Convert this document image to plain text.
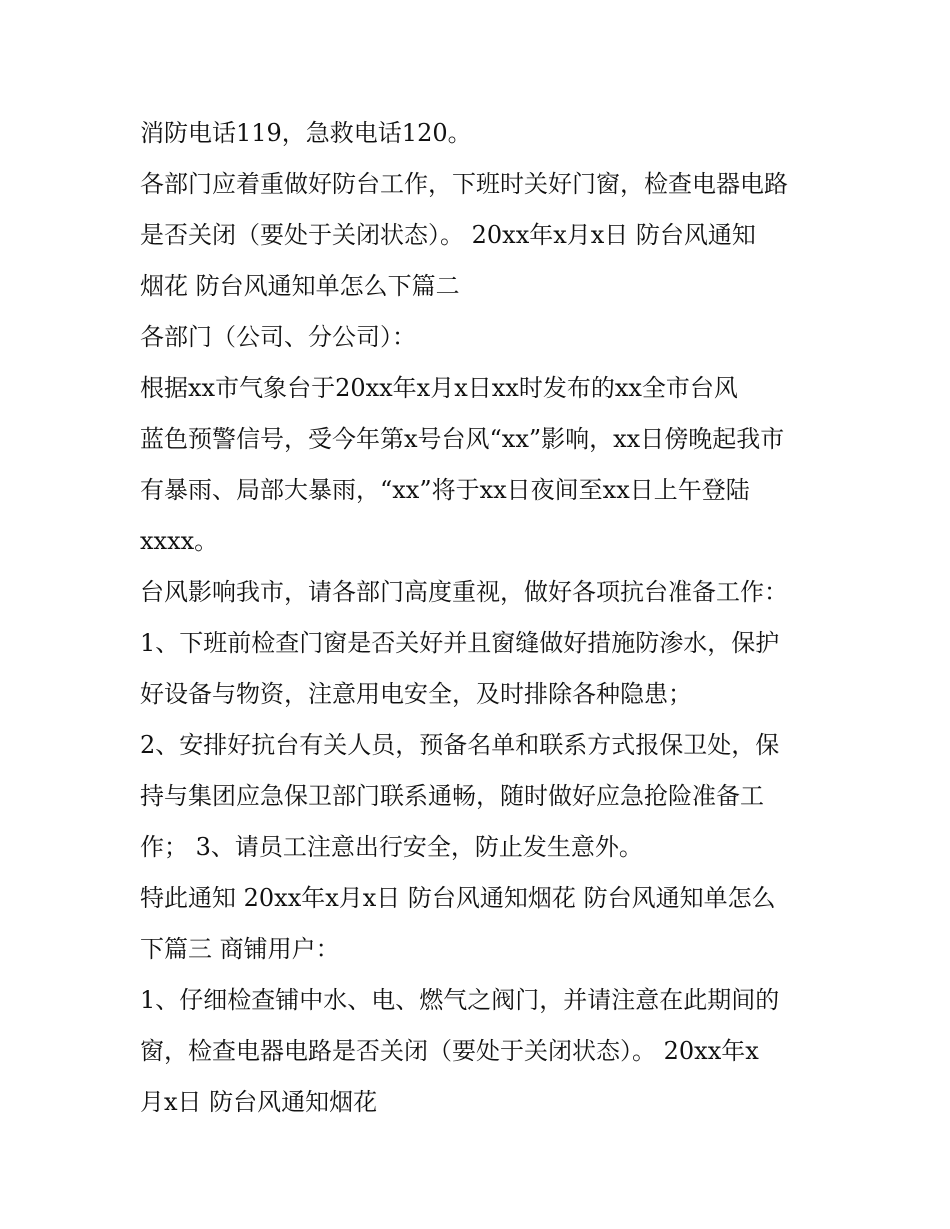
消防电话119，急救电话120。
各部门应着重做好防台工作，下班时关好门窗，检查电器电路
是否关闭（要处于关闭状态）。 20xx年x月x日 防台风通知
烟花 防台风通知单怎么下篇二
各部门（公司、分公司）：
根据xx市气象台于20xx年x月x日xx时发布的xx全市台风
蓝色预警信号，受今年第x号台风“xx”影响，xx日傍晚起我市
有暴雨、局部大暴雨，“xx”将于xx日夜间至xx日上午登陆
xxxx。
台风影响我市，请各部门高度重视，做好各项抗台准备工作：
1、下班前检查门窗是否关好并且窗缝做好措施防渗水，保护
好设备与物资，注意用电安全，及时排除各种隐患；
2、安排好抗台有关人员，预备名单和联系方式报保卫处，保
持与集团应急保卫部门联系通畅，随时做好应急抢险准备工
作； 3、请员工注意出行安全，防止发生意外。
特此通知 20xx年x月x日 防台风通知烟花 防台风通知单怎么
下篇三 商铺用户：
1、仔细检查铺中水、电、燃气之阀门，并请注意在此期间的
窗，检查电器电路是否关闭（要处于关闭状态）。 20xx年x
月x日 防台风通知烟花
